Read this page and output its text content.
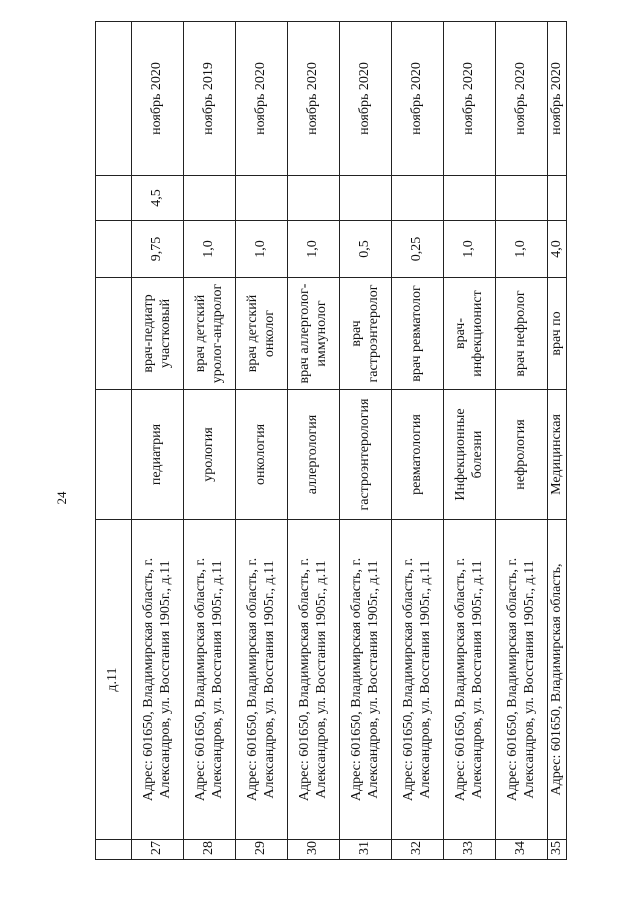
24
	д.11					
27	Адрес: 601650, Владимирская область, г. Александров, ул. Восстания 1905г., д.11	педиатрия	врач-педиатр участковый	9,75	4,5	ноябрь 2020
28	Адрес: 601650, Владимирская область, г. Александров, ул. Восстания 1905г., д.11	урология	врач детский уролог-андролог	1,0		ноябрь 2019
29	Адрес: 601650, Владимирская область, г. Александров, ул. Восстания 1905г., д.11	онкология	врач детский онколог	1,0		ноябрь 2020
30	Адрес: 601650, Владимирская область, г. Александров, ул. Восстания 1905г., д.11	аллергология	врач аллерголог-иммунолог	1,0		ноябрь 2020
31	Адрес: 601650, Владимирская область, г. Александров, ул. Восстания 1905г., д.11	гастроэнтерология	врач гастроэнтеролог	0,5		ноябрь 2020
32	Адрес: 601650, Владимирская область, г. Александров, ул. Восстания 1905г., д.11	ревматология	врач ревматолог	0,25		ноябрь 2020
33	Адрес: 601650, Владимирская область, г. Александров, ул. Восстания 1905г., д.11	Инфекционные болезни	врач-инфекционист	1,0		ноябрь 2020
34	Адрес: 601650, Владимирская область, г. Александров, ул. Восстания 1905г., д.11	нефрология	врач нефролог	1,0		ноябрь 2020
35	Адрес: 601650, Владимирская область,	Медицинская	врач по	4,0		ноябрь 2020
